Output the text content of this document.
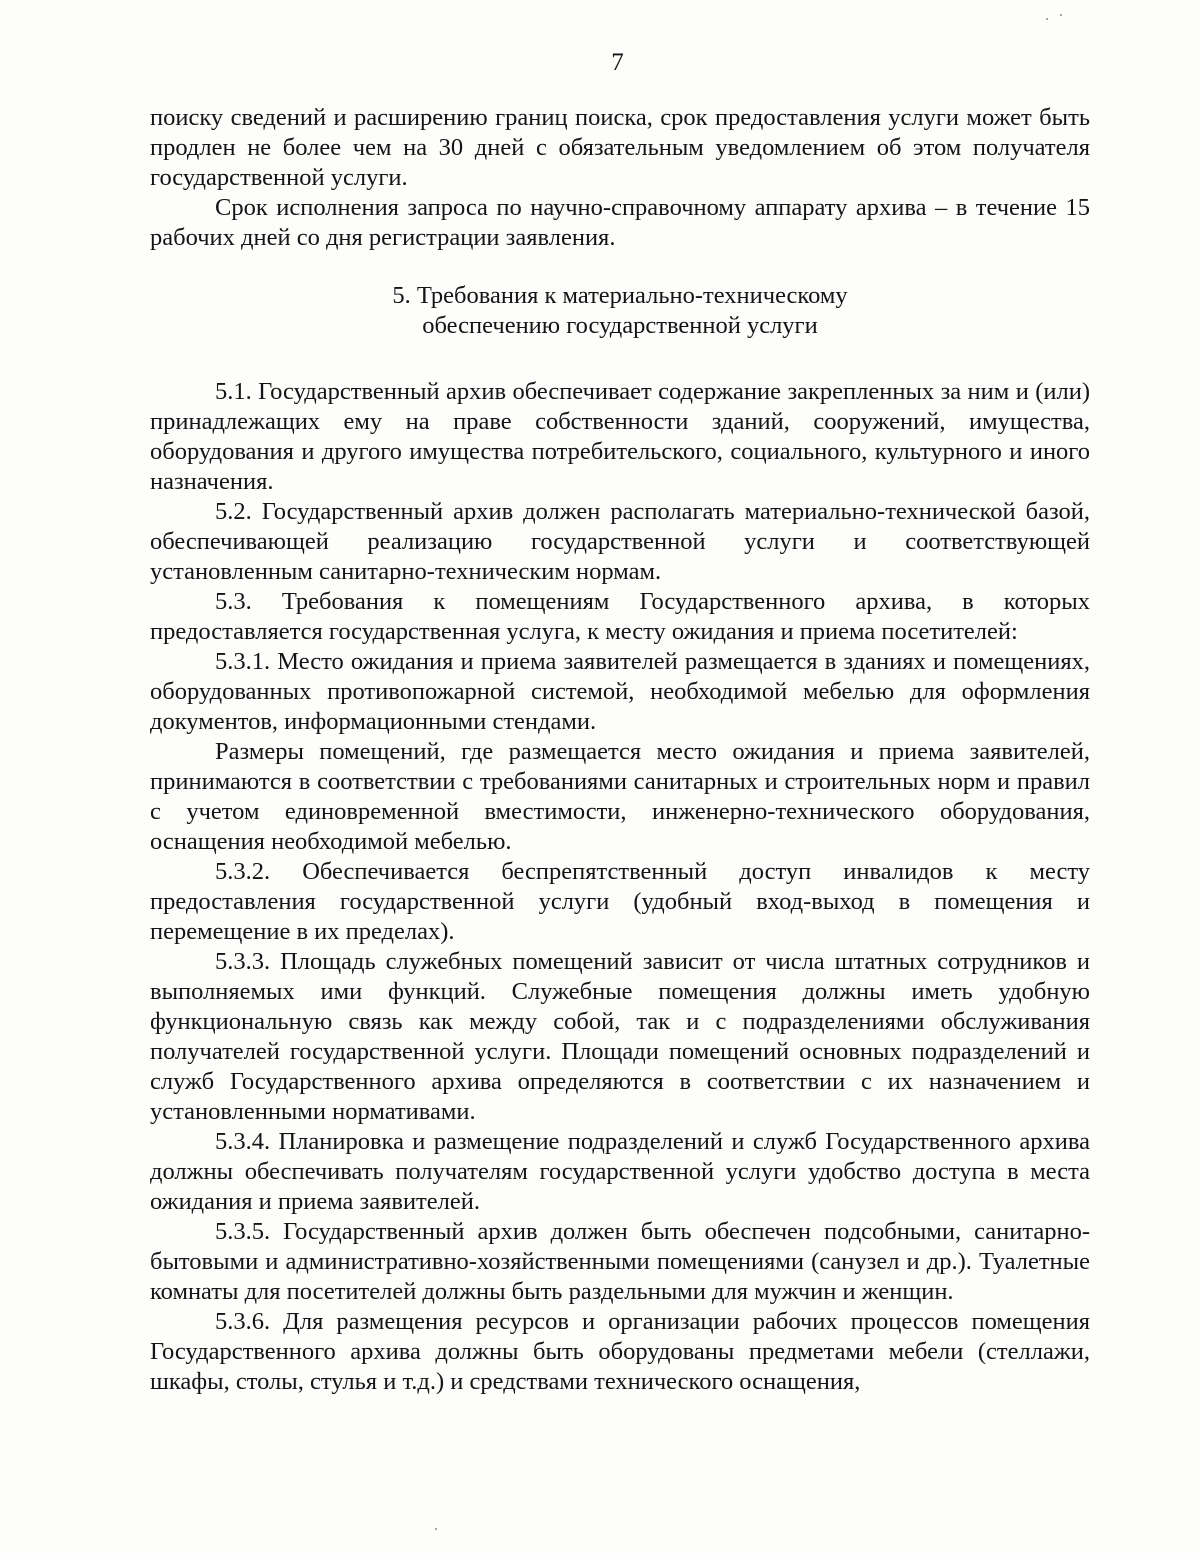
7

поиску сведений и расширению границ поиска, срок предоставления услуги может быть продлен не более чем на 30 дней с обязательным уведомлением об этом получателя государственной услуги.

Срок исполнения запроса по научно-справочному аппарату архива – в течение 15 рабочих дней со дня регистрации заявления.

5. Требования к материально-техническому
обеспечению государственной услуги

5.1. Государственный архив обеспечивает содержание закрепленных за ним и (или) принадлежащих ему на праве собственности зданий, сооружений, имущества, оборудования и другого имущества потребительского, социального, культурного и иного назначения.

5.2. Государственный архив должен располагать материально-технической базой, обеспечивающей реализацию государственной услуги и соответствующей установленным санитарно-техническим нормам.

5.3. Требования к помещениям Государственного архива, в которых предоставляется государственная услуга, к месту ожидания и приема посетителей:

5.3.1. Место ожидания и приема заявителей размещается в зданиях и помещениях, оборудованных противопожарной системой, необходимой мебелью для оформления документов, информационными стендами.

Размеры помещений, где размещается место ожидания и приема заявителей, принимаются в соответствии с требованиями санитарных и строительных норм и правил с учетом единовременной вместимости, инженерно-технического оборудования, оснащения необходимой мебелью.

5.3.2. Обеспечивается беспрепятственный доступ инвалидов к месту предоставления государственной услуги (удобный вход-выход в помещения и перемещение в их пределах).

5.3.3. Площадь служебных помещений зависит от числа штатных сотрудников и выполняемых ими функций. Служебные помещения должны иметь удобную функциональную связь как между собой, так и с подразделениями обслуживания получателей государственной услуги. Площади помещений основных подразделений и служб Государственного архива определяются в соответствии с их назначением и установленными нормативами.

5.3.4. Планировка и размещение подразделений и служб Государственного архива должны обеспечивать получателям государственной услуги удобство доступа в места ожидания и приема заявителей.

5.3.5. Государственный архив должен быть обеспечен подсобными, санитарно-бытовыми и административно-хозяйственными помещениями (санузел и др.). Туалетные комнаты для посетителей должны быть раздельными для мужчин и женщин.

5.3.6. Для размещения ресурсов и организации рабочих процессов помещения Государственного архива должны быть оборудованы предметами мебели (стеллажи, шкафы, столы, стулья и т.д.) и средствами технического оснащения,
